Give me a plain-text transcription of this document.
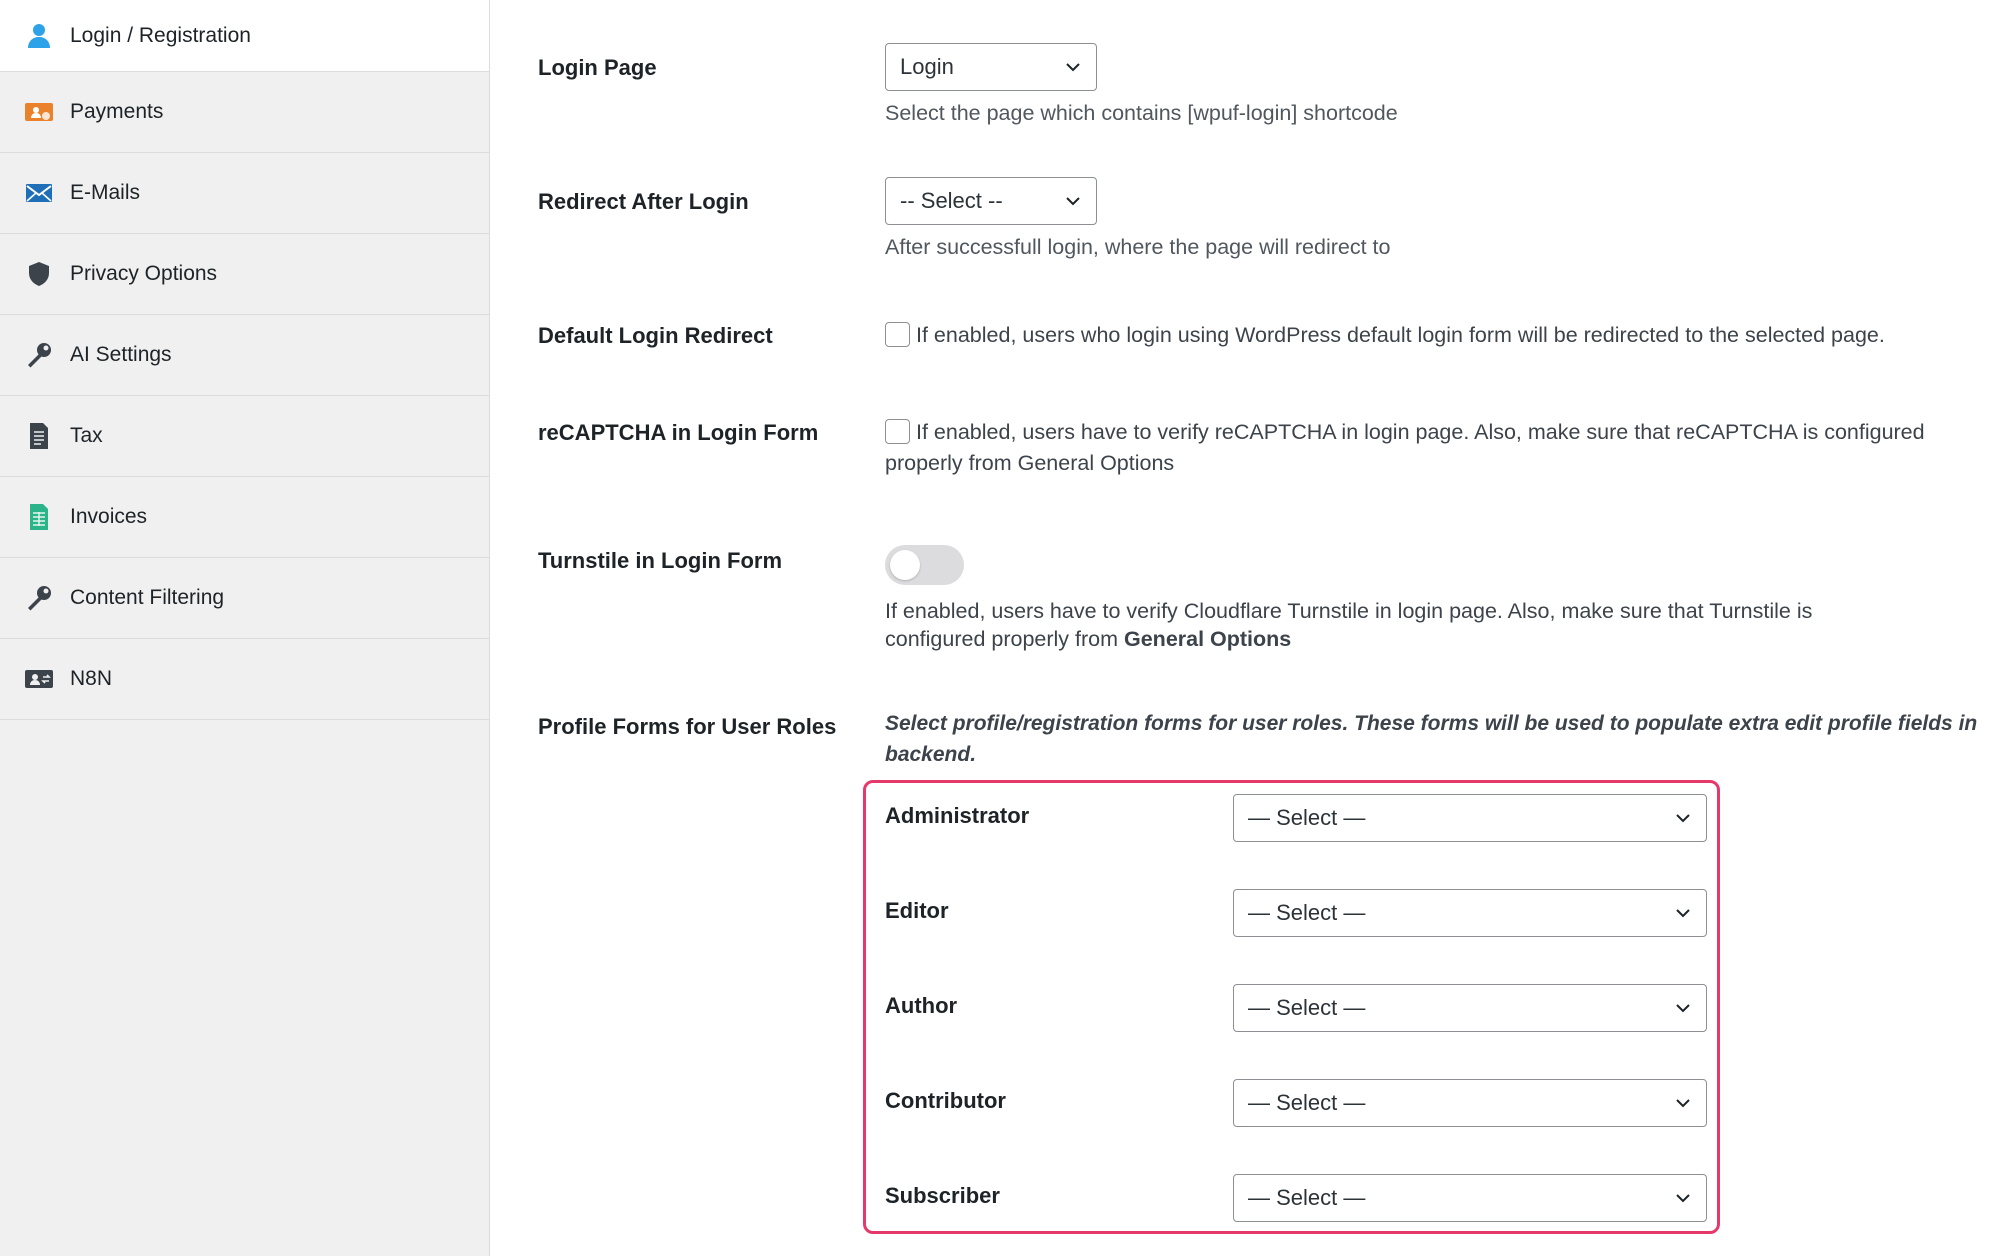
Login / Registration
Payments
E-Mails
Privacy Options
AI Settings
Tax
Invoices
Content Filtering
N8N
Login Page	Login
Select the page which contains [wpuf-login] shortcode
Redirect After Login	-- Select --
After successfull login, where the page will redirect to
Default Login Redirect	If enabled, users who login using WordPress default login form will be redirected to the selected page.
reCAPTCHA in Login Form	If enabled, users have to verify reCAPTCHA in login page. Also, make sure that reCAPTCHA is configured
properly from General Options
Turnstile in Login Form
If enabled, users have to verify Cloudflare Turnstile in login page. Also, make sure that Turnstile is
configured properly from General Options
Profile Forms for User Roles Select profile/registration forms for user roles. These forms will be used to populate extra edit profile fields in
backend.
Administrator	— Select —
Editor	— Select —
Author	— Select —
Contributor	— Select —
Subscriber	— Select —
